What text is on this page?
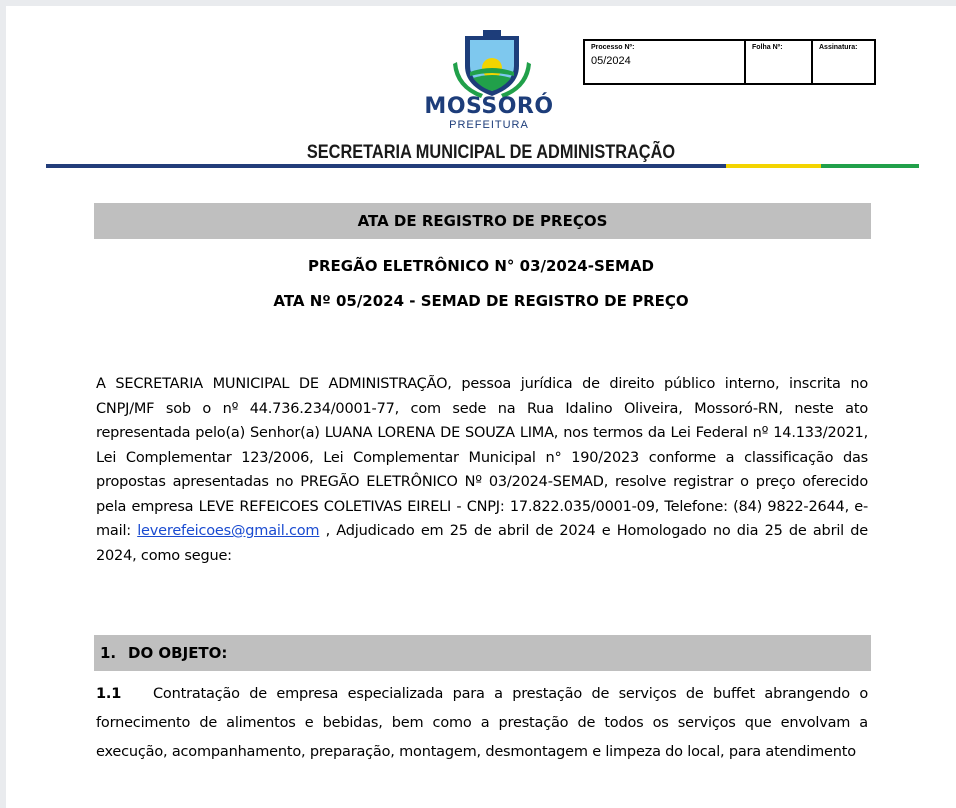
MOSSORÓ
PREFEITURA
Processo Nº:
05/2024
Folha Nº:	Assinatura:
SECRETARIA MUNICIPAL DE ADMINISTRAÇÃO
ATA DE REGISTRO DE PREÇOS
PREGÃO ELETRÔNICO N° 03/2024-SEMAD
ATA Nº 05/2024 - SEMAD DE REGISTRO DE PREÇO
A SECRETARIA MUNICIPAL DE ADMINISTRAÇÃO, pessoa jurídica de direito público interno, inscrita no CNPJ/MF sob o nº 44.736.234/0001-77, com sede na Rua Idalino Oliveira, Mossoró-RN, neste ato representada pelo(a) Senhor(a) LUANA LORENA DE SOUZA LIMA, nos termos da Lei Federal nº 14.133/2021, Lei Complementar 123/2006, Lei Complementar Municipal n° 190/2023 conforme a classificação das propostas apresentadas no PREGÃO ELETRÔNICO Nº 03/2024-SEMAD, resolve registrar o preço oferecido pela empresa LEVE REFEICOES COLETIVAS EIRELI - CNPJ: 17.822.035/0001-09, Telefone: (84) 9822-2644, e-mail: leverefeicoes@gmail.com , Adjudicado em 25 de abril de 2024 e Homologado no dia 25 de abril de 2024, como segue:
1. DO OBJETO:
1.1 Contratação de empresa especializada para a prestação de serviços de buffet abrangendo o fornecimento de alimentos e bebidas, bem como a prestação de todos os serviços que envolvam a execução, acompanhamento, preparação, montagem, desmontagem e limpeza do local, para atendimento
